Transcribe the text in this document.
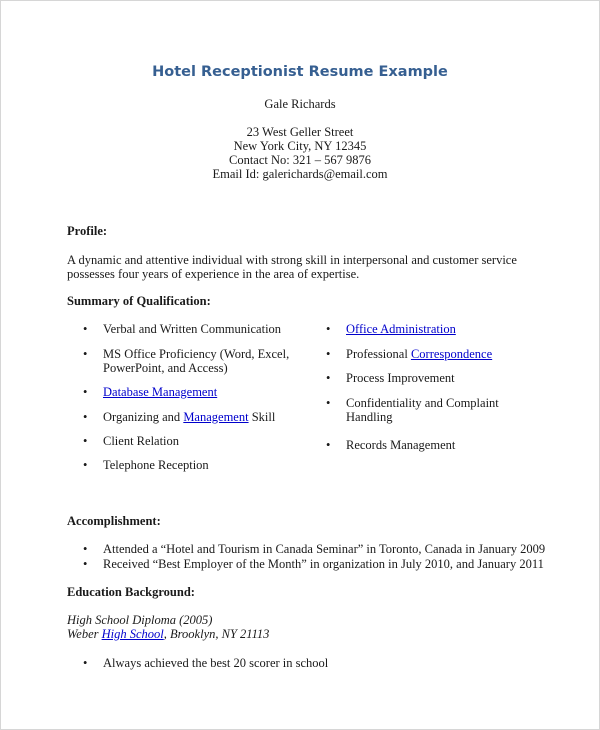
Hotel Receptionist Resume Example
Gale Richards
23 West Geller Street
New York City, NY 12345
Contact No: 321 – 567 9876
Email Id: galerichards@email.com
Profile:
A dynamic and attentive individual with strong skill in interpersonal and customer service
possesses four years of experience in the area of expertise.
Summary of Qualification:
• Verbal and Written Communication
• MS Office Proficiency (Word, Excel,
PowerPoint, and Access)
• Database Management
• Organizing and Management Skill
• Client Relation
• Telephone Reception
• Office Administration
• Professional Correspondence
• Process Improvement
• Confidentiality and Complaint
Handling
• Records Management
Accomplishment:
• Attended a “Hotel and Tourism in Canada Seminar” in Toronto, Canada in January 2009
• Received “Best Employer of the Month” in organization in July 2010, and January 2011
Education Background:
High School Diploma (2005)
Weber High School, Brooklyn, NY 21113
• Always achieved the best 20 scorer in school
